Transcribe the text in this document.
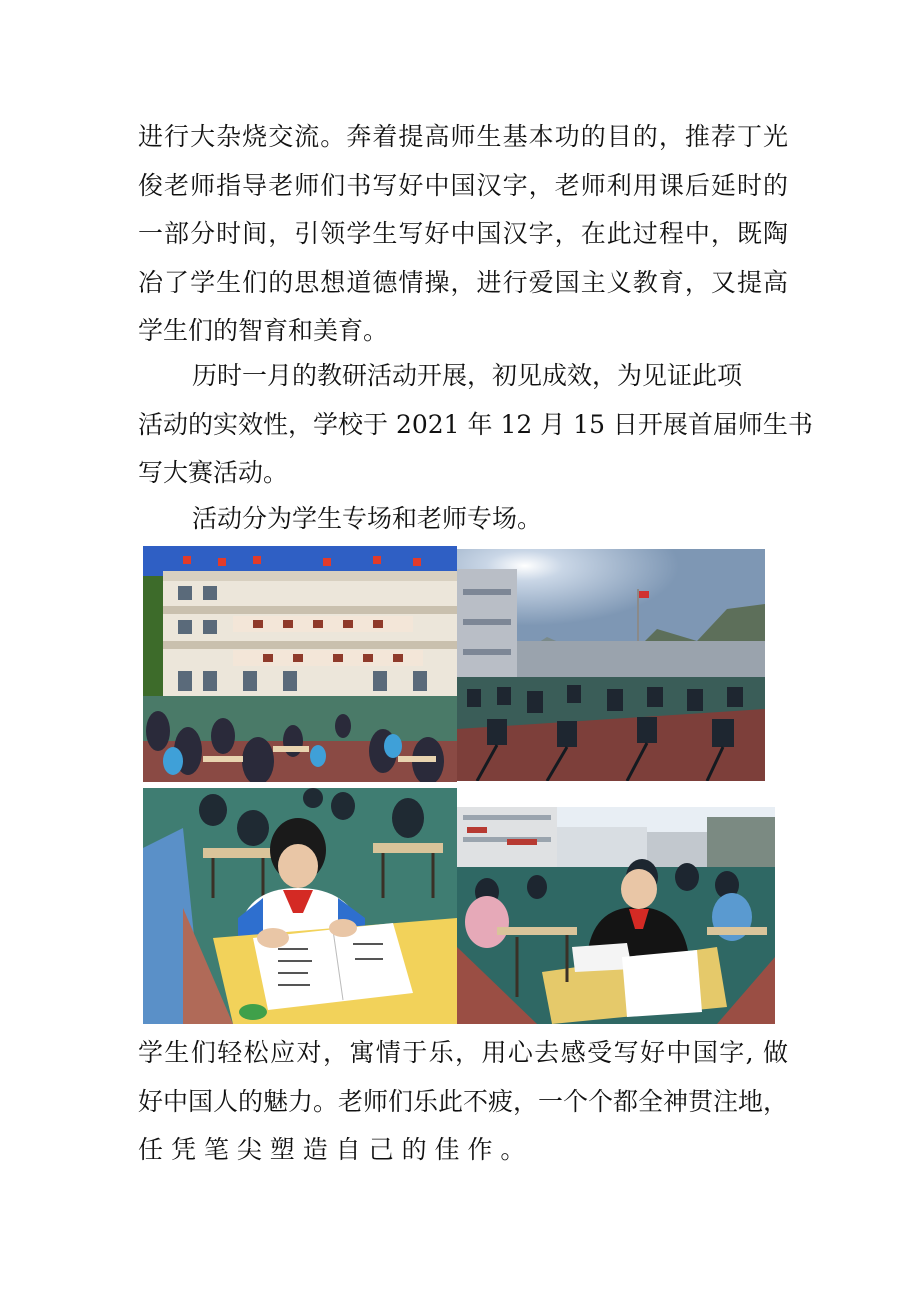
进行大杂烧交流。奔着提高师生基本功的目的，推荐丁光
俊老师指导老师们书写好中国汉字，老师利用课后延时的
一部分时间，引领学生写好中国汉字，在此过程中，既陶
冶了学生们的思想道德情操，进行爱国主义教育，又提高
学生们的智育和美育。
历时一月的教研活动开展，初见成效，为见证此项
活动的实效性，学校于 2021 年 12 月 15 日开展首届师生书
写大赛活动。
活动分为学生专场和老师专场。
学生们轻松应对，寓情于乐，用心去感受写好中国字, 做
好中国人的魅力。老师们乐此不疲，一个个都全神贯注地，
任 凭 笔 尖 塑 造 自 己 的 佳 作 。
